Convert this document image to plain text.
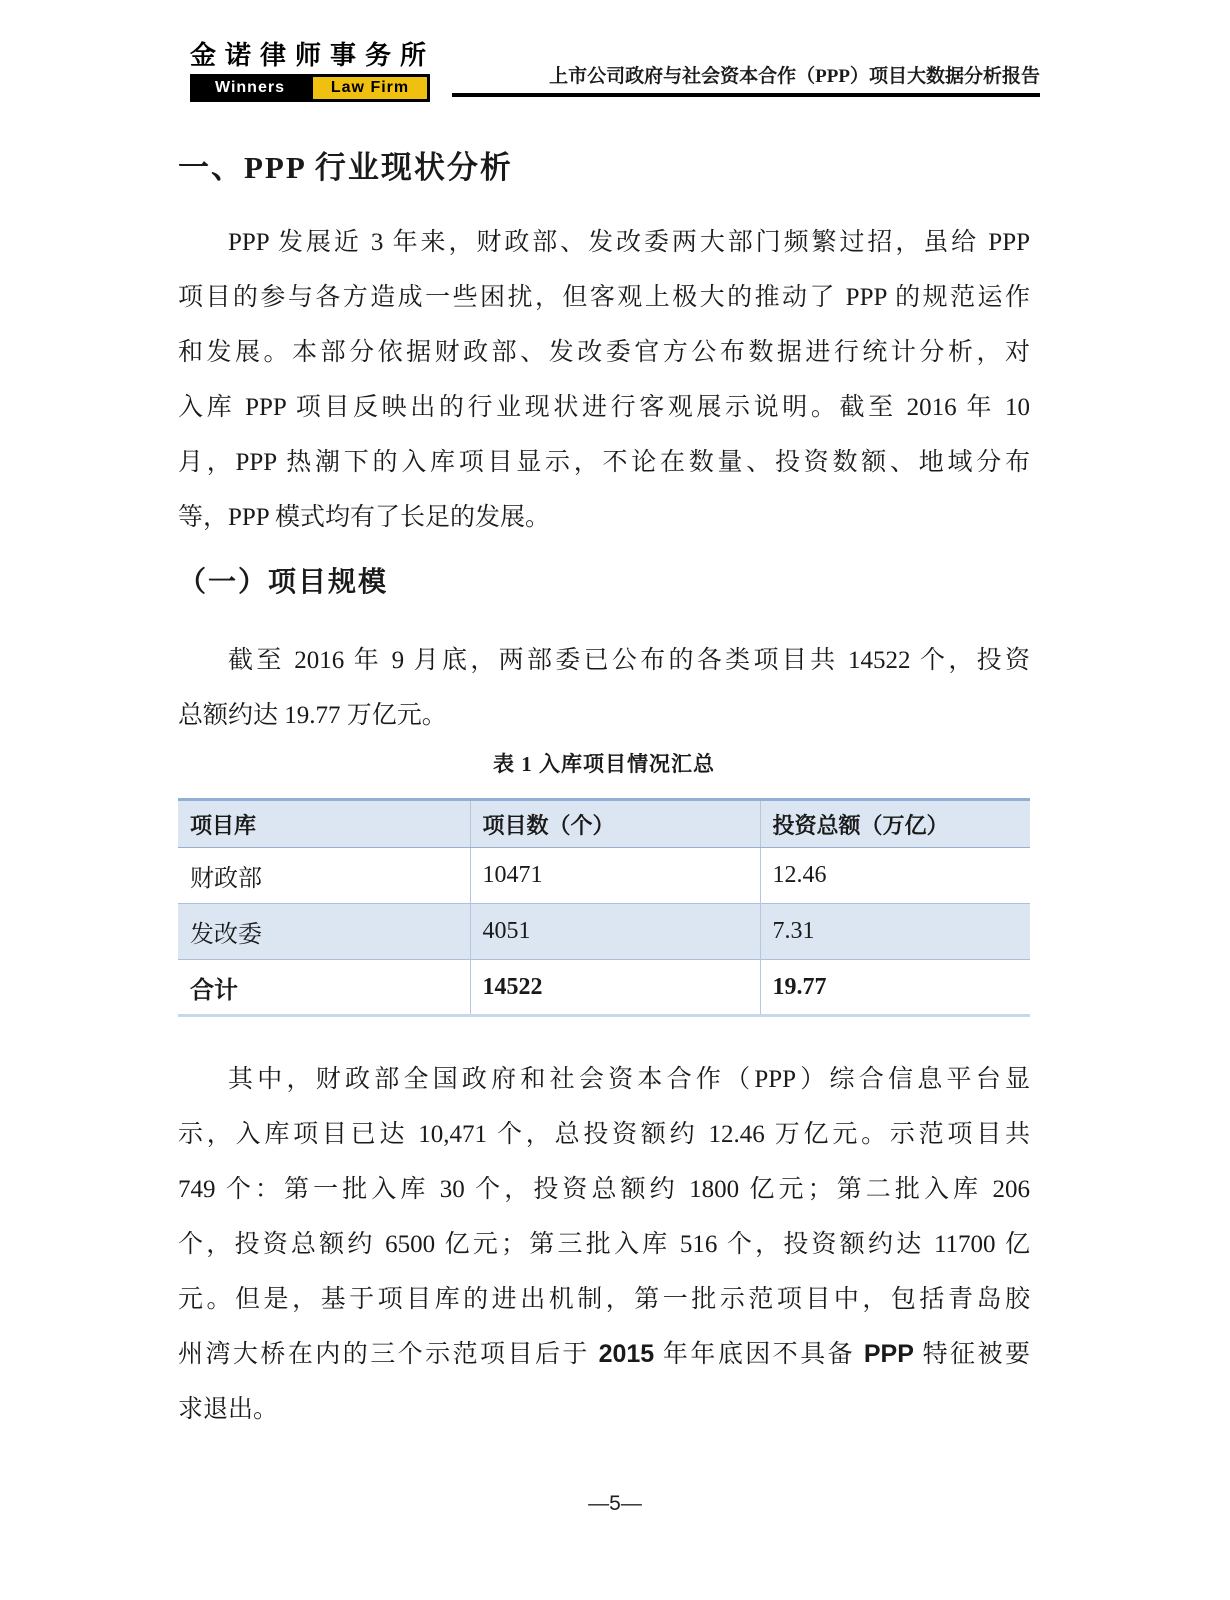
金诺律师事务所
Winners	Law Firm
上市公司政府与社会资本合作（PPP）项目大数据分析报告
一、PPP 行业现状分析
PPP 发展近 3 年来，财政部、发改委两大部门频繁过招，虽给 PPP
项目的参与各方造成一些困扰，但客观上极大的推动了 PPP 的规范运作
和发展。本部分依据财政部、发改委官方公布数据进行统计分析，对
入库 PPP 项目反映出的行业现状进行客观展示说明。截至 2016 年 10
月，PPP 热潮下的入库项目显示，不论在数量、投资数额、地域分布
等，PPP 模式均有了长足的发展。
（一）项目规模
截至 2016 年 9 月底，两部委已公布的各类项目共 14522 个，投资
总额约达 19.77 万亿元。
表 1 入库项目情况汇总
项目库	项目数（个）	投资总额（万亿）
财政部	10471	12.46
发改委	4051	7.31
合计	14522	19.77
其中，财政部全国政府和社会资本合作（PPP）综合信息平台显
示，入库项目已达 10,471 个，总投资额约 12.46 万亿元。示范项目共
749 个：第一批入库 30 个，投资总额约 1800 亿元；第二批入库 206
个，投资总额约 6500 亿元；第三批入库 516 个，投资额约达 11700 亿
元。但是，基于项目库的进出机制，第一批示范项目中，包括青岛胶
州湾大桥在内的三个示范项目后于 2015 年年底因不具备 PPP 特征被要
求退出。
—5—
